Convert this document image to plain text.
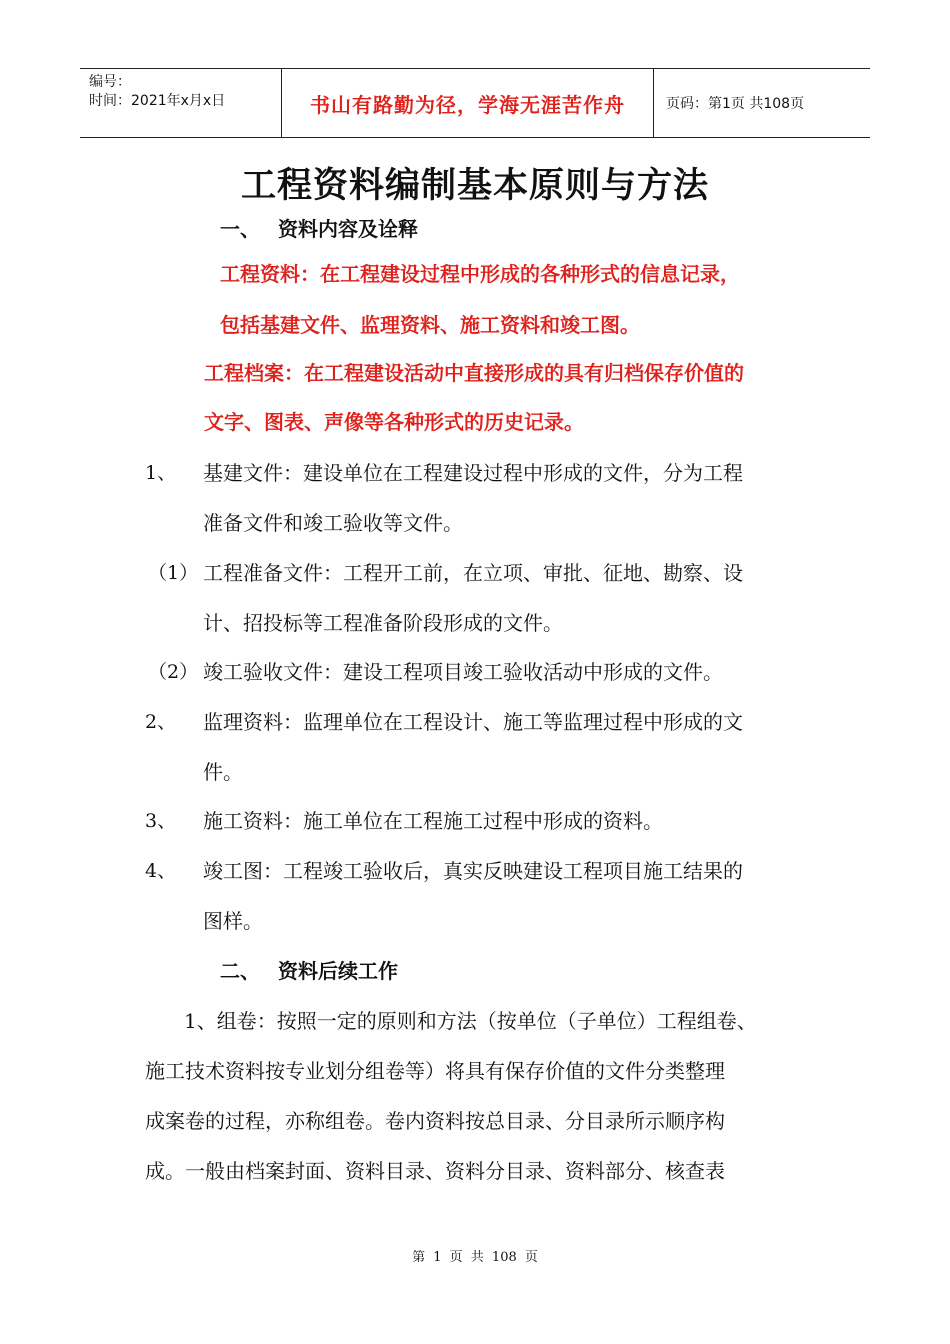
编号：
时间：2021年x月x日	书山有路勤为径，学海无涯苦作舟	页码：第1页 共108页
工程资料编制基本原则与方法
一、 资料内容及诠释
工程资料：在工程建设过程中形成的各种形式的信息记录，
包括基建文件、监理资料、施工资料和竣工图。
工程档案：在工程建设活动中直接形成的具有归档保存价值的
文字、图表、声像等各种形式的历史记录。
1、 基建文件：建设单位在工程建设过程中形成的文件，分为工程
准备文件和竣工验收等文件。
（1） 工程准备文件：工程开工前，在立项、审批、征地、勘察、设
计、招投标等工程准备阶段形成的文件。
（2） 竣工验收文件：建设工程项目竣工验收活动中形成的文件。
2、 监理资料：监理单位在工程设计、施工等监理过程中形成的文
件。
3、 施工资料：施工单位在工程施工过程中形成的资料。
4、 竣工图：工程竣工验收后，真实反映建设工程项目施工结果的
图样。
二、 资料后续工作
1、组卷：按照一定的原则和方法（按单位（子单位）工程组卷、
施工技术资料按专业划分组卷等）将具有保存价值的文件分类整理
成案卷的过程，亦称组卷。卷内资料按总目录、分目录所示顺序构
成。一般由档案封面、资料目录、资料分目录、资料部分、核查表
第 1 页 共 108 页
